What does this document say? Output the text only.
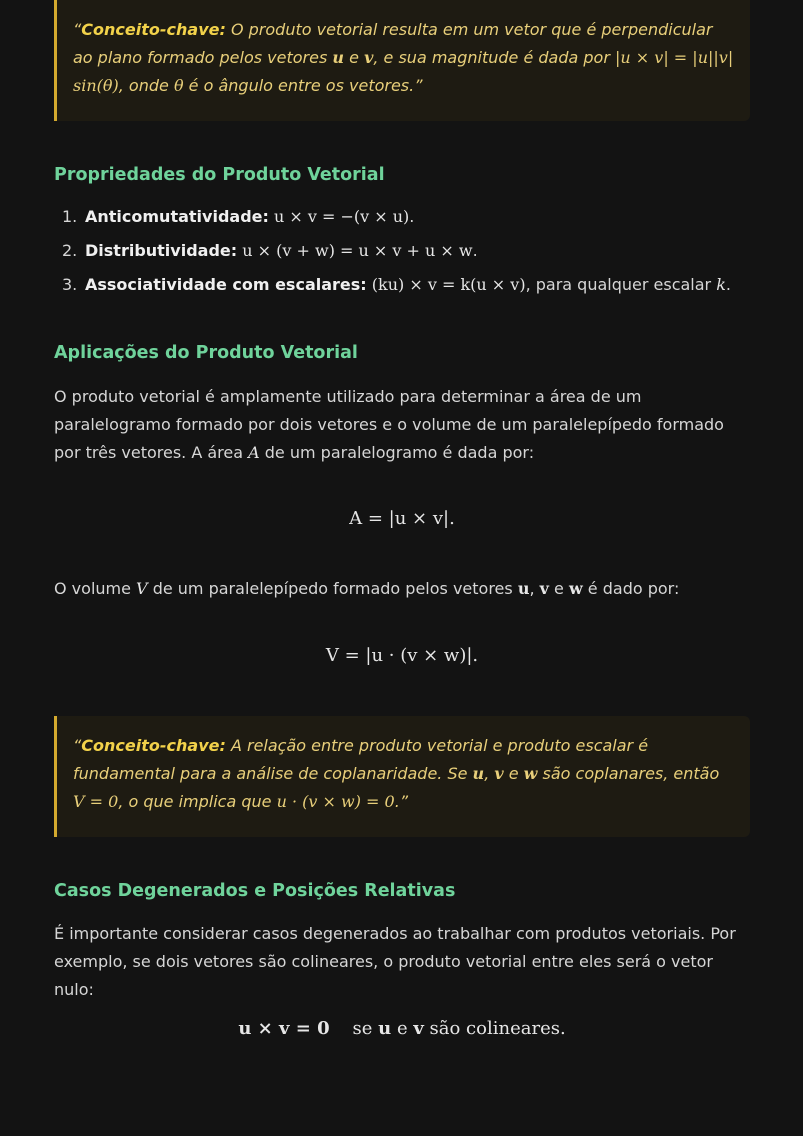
“Conceito-chave: O produto vetorial resulta em um vetor que é perpendicular ao plano formado pelos vetores u e v, e sua magnitude é dada por |u × v| = |u||v| sin(θ), onde θ é o ângulo entre os vetores.”
Propriedades do Produto Vetorial
1. Anticomutatividade: u × v = −(v × u).
2. Distributividade: u × (v + w) = u × v + u × w.
3. Associatividade com escalares: (ku) × v = k(u × v), para qualquer escalar k.
Aplicações do Produto Vetorial

O produto vetorial é amplamente utilizado para determinar a área de um paralelogramo formado por dois vetores e o volume de um paralelepípedo formado por três vetores. A área A de um paralelogramo é dada por:

A = |u × v|.

O volume V de um paralelepípedo formado pelos vetores u, v e w é dado por:

V = |u · (v × w)|.
“Conceito-chave: A relação entre produto vetorial e produto escalar é fundamental para a análise de coplanaridade. Se u, v e w são coplanares, então V = 0, o que implica que u · (v × w) = 0.”
Casos Degenerados e Posições Relativas

É importante considerar casos degenerados ao trabalhar com produtos vetoriais. Por exemplo, se dois vetores são colineares, o produto vetorial entre eles será o vetor nulo:

u × v = 0 se u e v são colineares.
